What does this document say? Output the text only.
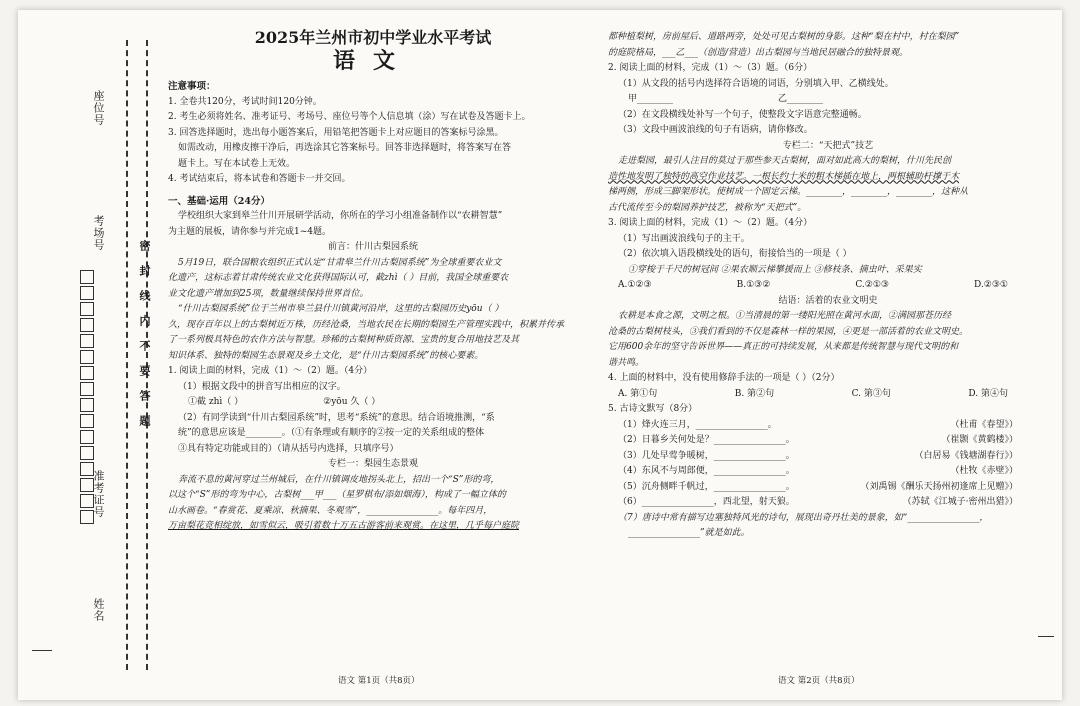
座位号
考场号
准考证号
姓名
密封线内不要答题
2025年兰州市初中学业水平考试
语文

注意事项：

1. 全卷共120分，考试时间120分钟。

2. 考生必须将姓名、准考证号、考场号、座位号等个人信息填（涂）写在试卷及答题卡上。

3. 回答选择题时，选出每小题答案后，用铅笔把答题卡上对应题目的答案标号涂黑。

如需改动，用橡皮擦干净后，再选涂其它答案标号。回答非选择题时，将答案写在答

题卡上。写在本试卷上无效。

4. 考试结束后，将本试卷和答题卡一并交回。

一、基础·运用（24分）

学校组织大家到皋兰什川开展研学活动，你所在的学习小组准备制作以“农耕智慧”

为主题的展板，请你参与并完成1~4题。

前言：什川古梨园系统

5月19日，联合国粮农组织正式认定“甘肃皋兰什川古梨园系统”为全球重要农业文

化遗产，这标志着甘肃传统农业文化获得国际认可，截zhì（ ）目前，我国全球重要农

业文化遗产增加到25项，数量继续保持世界首位。

“什川古梨园系统”位于兰州市皋兰县什川镇黄河沿岸，这里的古梨园历史yōu（ ）

久，现存百年以上的古梨树近万株，历经沧桑，当地农民在长期的梨园生产管理实践中，积累并传承

了一系列极具特色的农作方法与智慧。珍稀的古梨树种质资源、宝贵的复合用地技艺及其

知识体系、独特的梨园生态景观及乡土文化，是“什川古梨园系统”的核心要素。

1. 阅读上面的材料，完成（1）～（2）题。（4分）

（1）根据文段中的拼音写出相应的汉字。

①截 zhì（ ）	②yōu 久（ ）

（2）有同学读到“什川古梨园系统”时，思考“系统”的意思。结合语境推测，“系

统”的意思应该是________。（①有条理或有顺序的②按一定的关系组成的整体

③具有特定功能或目的）（请从括号内选择，只填序号）

专栏一：梨园生态景观

奔流不息的黄河穿过兰州城后，在什川镇调皮地拐头北上，招出一个“S”形的弯，

以这个“S”形的弯为中心，古梨树___甲___（星罗棋布/添如烟海），构成了一幅立体的

山水画卷。“春赏花、夏乘凉、秋摘果、冬观雪”，________________。每年四月，

万亩梨花竞相绽放，如雪似云，吸引着数十万五古游客前来观赏。在这里，几乎每户庭院

语文 第1页（共8页）

都种植梨树，房前屋后、道路两旁，处处可见古梨树的身影。这种“梨在村中，村在梨园”

的庭院格局，___乙___（创造/营造）出古梨园与当地民居融合的独特景观。

2. 阅读上面的材料，完成（1）～（3）题。（6分）

（1）从文段的括号内选择符合语境的词语，分别填入甲、乙横线处。

甲________	乙________

（2）在文段横线处补写一个句子，使整段文字语意完整通畅。

（3）文段中画波浪线的句子有语病，请你修改。

专栏二：“天把式”技艺

走进梨园，最引人注目的莫过于那些参天古梨树，面对如此高大的梨树，什川先民创

造性地发明了独特的高空作业技艺。一根长约十米的粗木梯插在地上，两根辅助杆撑于木

梯两侧，形成三脚架形状。使树成一个固定云梯。________，________，________，这种从

古代流传至今的梨园养护技艺，被称为“天把式”。

3. 阅读上面的材料，完成（1）～（2）题。（4分）

（1）写出画波浪线句子的主干。

（2）依次填入语段横线处的语句，衔接恰当的一项是（ ）

①穿梭于千尺的树冠间 ②果农顺云梯攀援而上 ③修枝条、摘虫叶、采果实

A.①②③	B.①③②	C.②①③	D.②③①

结语：活着的农业文明史

农耕是本食之源，文明之根。①当清晨的第一缕阳光照在黄河水面，②满园那苍历经

沧桑的古梨树枝头，③我们看到的不仅是森林一样的果园，④更是一部活着的农业文明史。

它用600余年的坚守告诉世界——真正的可持续发展，从来都是传统智慧与现代文明的和

谐共鸣。

4. 上面的材料中，没有使用修辞手法的一项是（ ）（2分）

A. 第①句	B. 第②句	C. 第③句	D. 第④句

5. 古诗文默写（8分）

（1）烽火连三月，________________。	（杜甫《春望》）
（2）日暮乡关何处是？________________。	（崔颢《黄鹤楼》）
（3）几处早莺争暖树，________________。	（白居易《钱塘湖春行》）
（4）东风不与周郎便，________________。	（杜牧《赤壁》）
（5）沉舟侧畔千帆过，________________。	（刘禹锡《酬乐天扬州初逢席上见赠》）
（6）________________，西北望，射天狼。	（苏轼《江城子·密州出猎》）

（7）唐诗中常有描写边塞独特风光的诗句，展现出奇丹壮美的景象，如“________________，

________________”就是如此。

语文 第2页（共8页）
